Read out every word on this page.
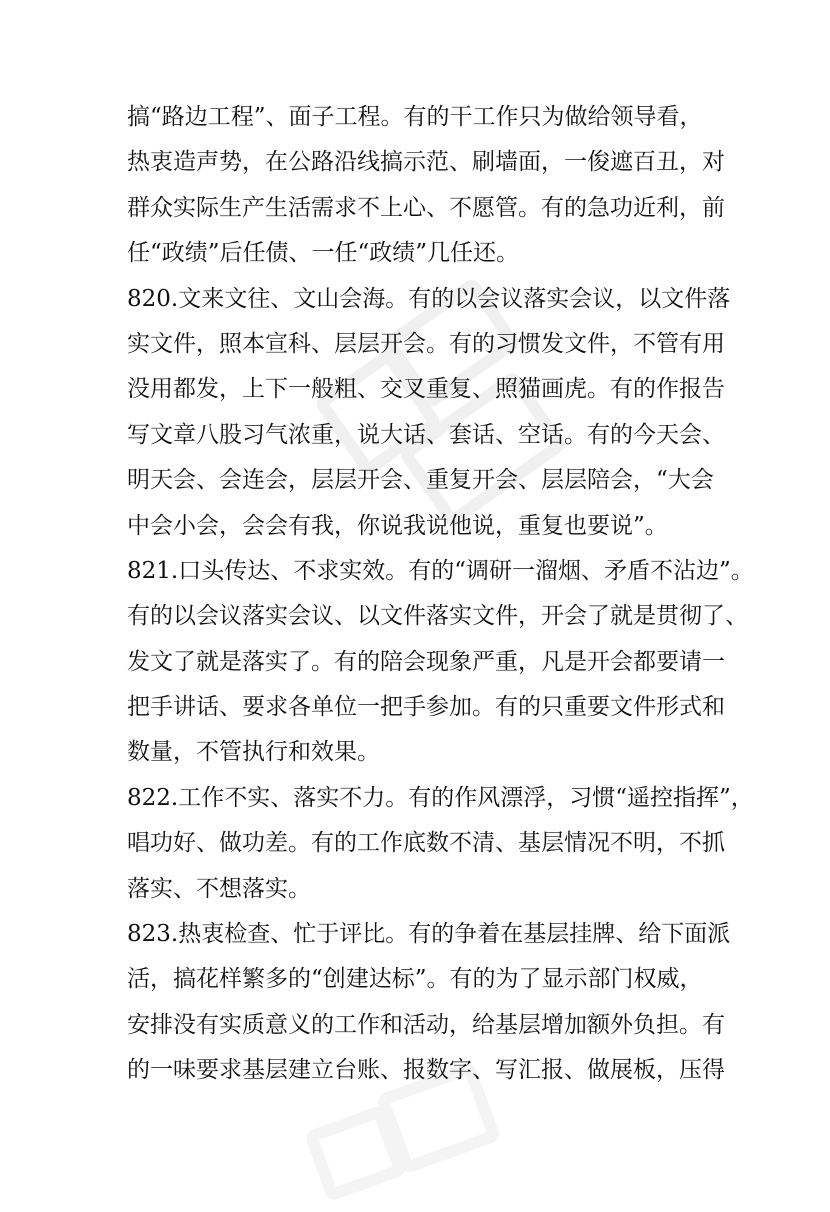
搞“路边工程”、面子工程。有的干工作只为做给领导看，
热衷造声势，在公路沿线搞示范、刷墙面，一俊遮百丑，对
群众实际生产生活需求不上心、不愿管。有的急功近利，前
任“政绩”后任债、一任“政绩”几任还。
820.文来文往、文山会海。有的以会议落实会议，以文件落
实文件，照本宣科、层层开会。有的习惯发文件，不管有用
没用都发，上下一般粗、交叉重复、照猫画虎。有的作报告
写文章八股习气浓重，说大话、套话、空话。有的今天会、
明天会、会连会，层层开会、重复开会、层层陪会，“大会
中会小会，会会有我，你说我说他说，重复也要说”。
821.口头传达、不求实效。有的“调研一溜烟、矛盾不沾边”。
有的以会议落实会议、以文件落实文件，开会了就是贯彻了、
发文了就是落实了。有的陪会现象严重，凡是开会都要请一
把手讲话、要求各单位一把手参加。有的只重要文件形式和
数量，不管执行和效果。
822.工作不实、落实不力。有的作风漂浮，习惯“遥控指挥”，
唱功好、做功差。有的工作底数不清、基层情况不明，不抓
落实、不想落实。
823.热衷检查、忙于评比。有的争着在基层挂牌、给下面派
活，搞花样繁多的“创建达标”。有的为了显示部门权威，
安排没有实质意义的工作和活动，给基层增加额外负担。有
的一味要求基层建立台账、报数字、写汇报、做展板，压得
